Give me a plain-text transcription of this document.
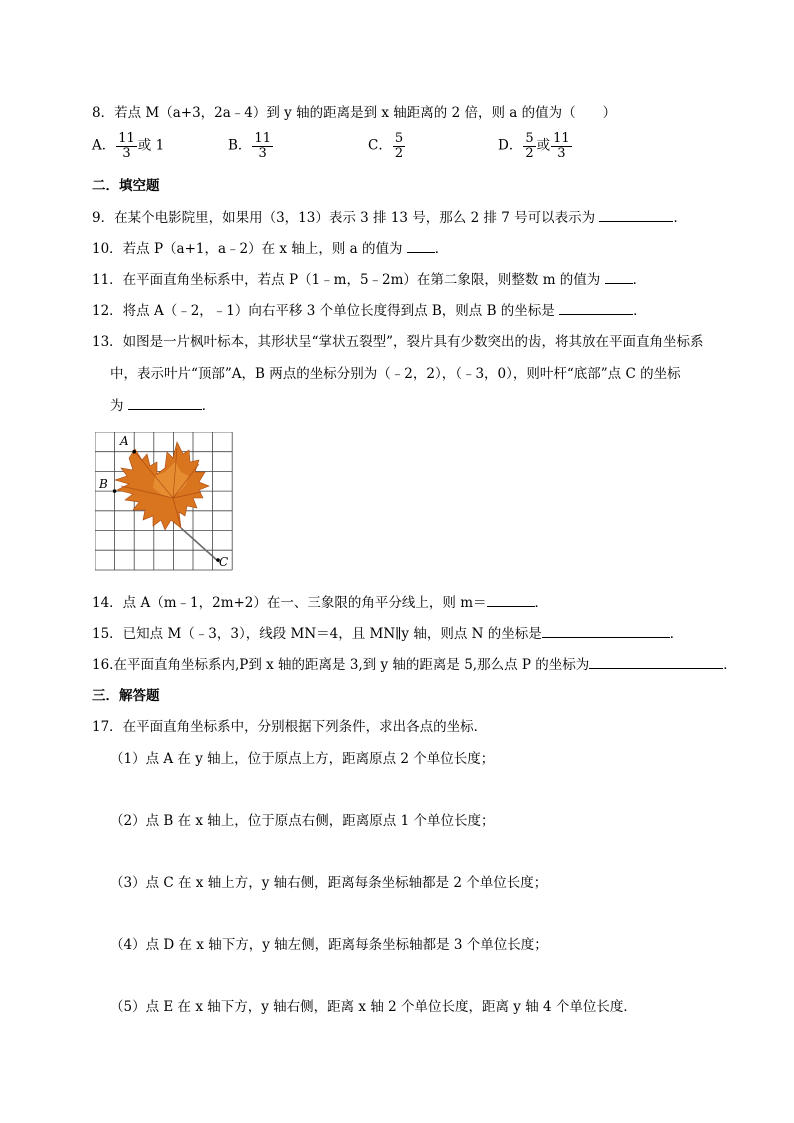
8．若点 M（a+3，2a﹣4）到 y 轴的距离是到 x 轴距离的 2 倍，则 a 的值为（　　）
A． $\frac{11}{3}$ 或 1	B． $\frac{11}{3}$	C． $\frac{5}{2}$	D． $\frac{5}{2}$ 或 $\frac{11}{3}$
二．填空题
9．在某个电影院里，如果用（3，13）表示 3 排 13 号，那么 2 排 7 号可以表示为	．
10．若点 P（a+1，a﹣2）在 x 轴上，则 a 的值为 ．
11．在平面直角坐标系中，若点 P（1﹣m，5﹣2m）在第二象限，则整数 m 的值为 ．
12．将点 A（﹣2，﹣1）向右平移 3 个单位长度得到点 B，则点 B 的坐标是	．
13．如图是一片枫叶标本，其形状呈“掌状五裂型”，裂片具有少数突出的齿，将其放在平面直角坐标系
中，表示叶片“顶部”A，B 两点的坐标分别为（﹣2，2），（﹣3，0），则叶杆“底部”点 C 的坐标
为	．
A
B
C
14．点 A（m﹣1，2m+2）在一、三象限的角平分线上，则 m＝	．
15．已知点 M（﹣3，3），线段 MN＝4，且 MN∥y 轴，则点 N 的坐标是	．
16.在平面直角坐标系内,P到 x 轴的距离是 3,到 y 轴的距离是 5,那么点 P 的坐标为	．
三．解答题
17．在平面直角坐标系中，分别根据下列条件，求出各点的坐标．
（1）点 A 在 y 轴上，位于原点上方，距离原点 2 个单位长度；
（2）点 B 在 x 轴上，位于原点右侧，距离原点 1 个单位长度；
（3）点 C 在 x 轴上方，y 轴右侧，距离每条坐标轴都是 2 个单位长度；
（4）点 D 在 x 轴下方，y 轴左侧，距离每条坐标轴都是 3 个单位长度；
（5）点 E 在 x 轴下方，y 轴右侧，距离 x 轴 2 个单位长度，距离 y 轴 4 个单位长度．
